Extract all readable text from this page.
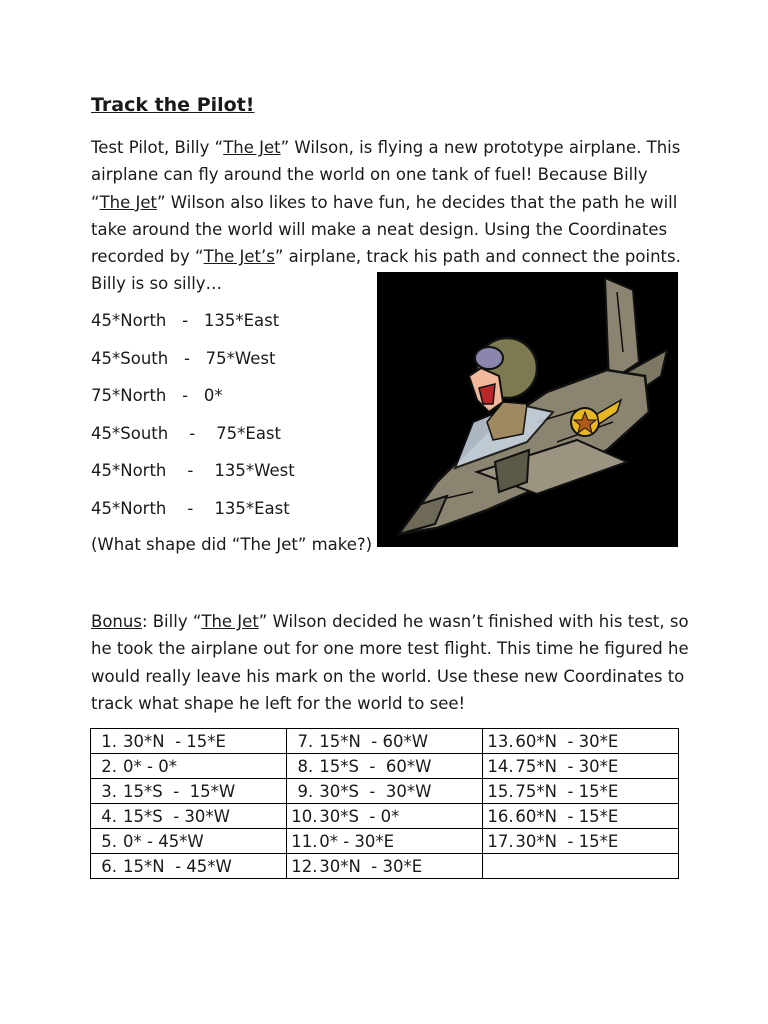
Track the Pilot!

Test Pilot, Billy “The Jet” Wilson, is flying a new prototype airplane. This airplane can fly around the world on one tank of fuel! Because Billy “The Jet” Wilson also likes to have fun, he decides that the path he will take around the world will make a neat design. Using the Coordinates recorded by “The Jet’s” airplane, track his path and connect the points. Billy is so silly…

45*North - 135*East
45*South - 75*West
75*North - 0*
45*South    -    75*East
45*North    -    135*West
45*North    -    135*East
(What shape did “The Jet” make?)

Bonus: Billy “The Jet” Wilson decided he wasn’t finished with his test, so he took the airplane out for one more test flight. This time he figured he would really leave his mark on the world. Use these new Coordinates to track what shape he left for the world to see!

1. 30*N  - 15*E	7. 15*N  - 60*W	13. 60*N  - 30*E
2. 0* - 0*	8. 15*S  -  60*W	14. 75*N  - 30*E
3. 15*S  -  15*W	9. 30*S  -  30*W	15. 75*N  - 15*E
4. 15*S  - 30*W	10. 30*S  - 0*	16. 60*N  - 15*E
5. 0* - 45*W	11. 0* - 30*E	17. 30*N  - 15*E
6. 15*N  - 45*W	12. 30*N  - 30*E	
